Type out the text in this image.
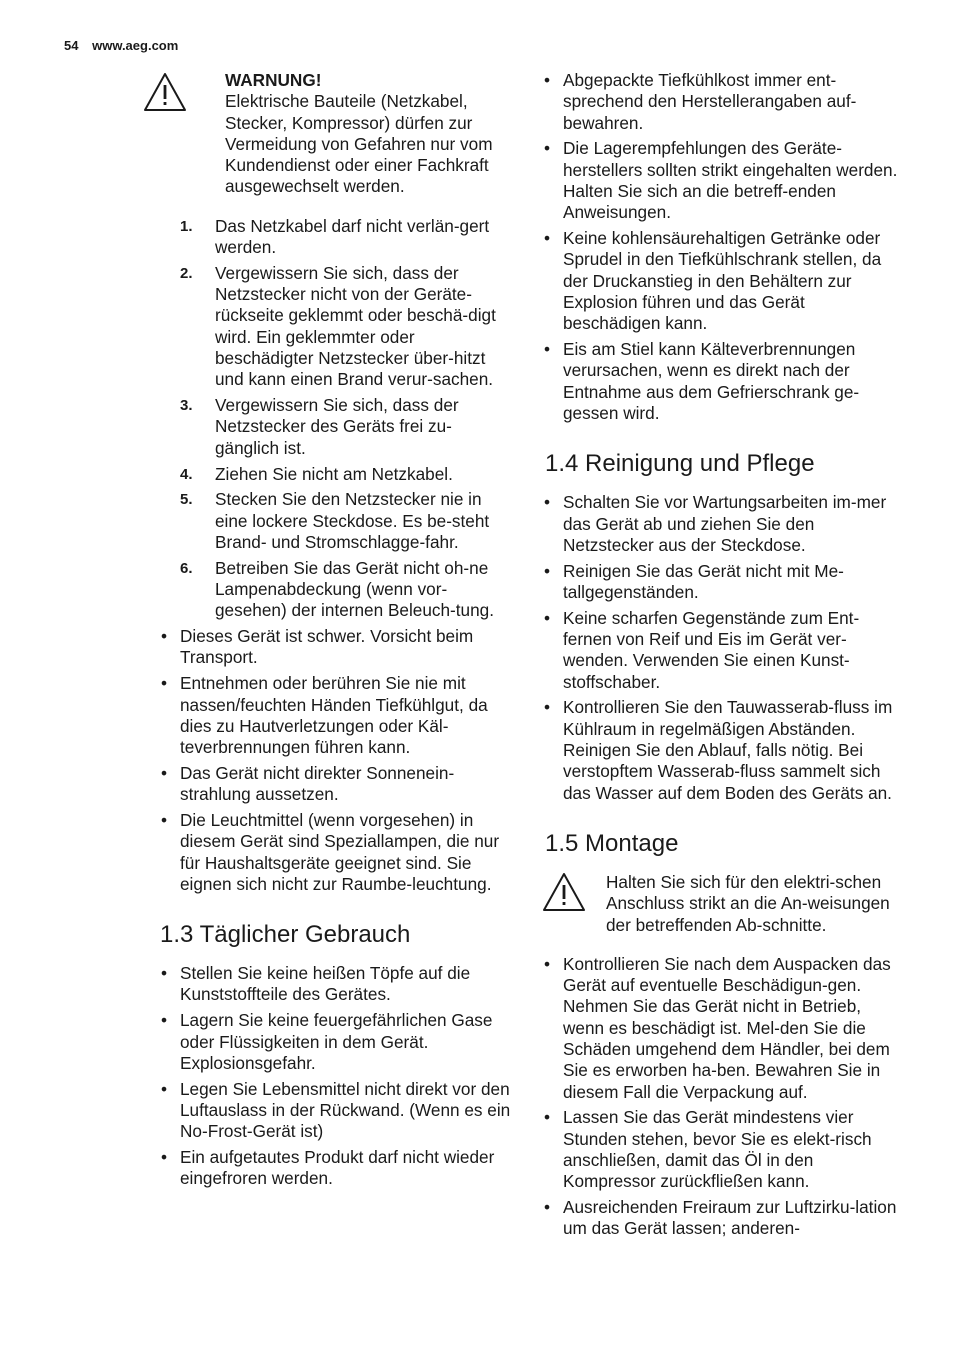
54 www.aeg.com
WARNUNG!
Elektrische Bauteile (Netzkabel, Stecker, Kompressor) dürfen zur Vermeidung von Gefahren nur vom Kundendienst oder einer Fachkraft ausgewechselt werden.
1. Das Netzkabel darf nicht verlän-gert werden.
2. Vergewissern Sie sich, dass der Netzstecker nicht von der Geräte-rückseite geklemmt oder beschä-digt wird. Ein geklemmter oder beschädigter Netzstecker über-hitzt und kann einen Brand verur-sachen.
3. Vergewissern Sie sich, dass der Netzstecker des Geräts frei zu-gänglich ist.
4. Ziehen Sie nicht am Netzkabel.
5. Stecken Sie den Netzstecker nie in eine lockere Steckdose. Es be-steht Brand- und Stromschlagge-fahr.
6. Betreiben Sie das Gerät nicht oh-ne Lampenabdeckung (wenn vor-gesehen) der internen Beleuch-tung.
• Dieses Gerät ist schwer. Vorsicht beim Transport.
• Entnehmen oder berühren Sie nie mit nassen/feuchten Händen Tiefkühlgut, da dies zu Hautverletzungen oder Käl-teverbrennungen führen kann.
• Das Gerät nicht direkter Sonnenein-strahlung aussetzen.
• Die Leuchtmittel (wenn vorgesehen) in diesem Gerät sind Speziallampen, die nur für Haushaltsgeräte geeignet sind. Sie eignen sich nicht zur Raumbe-leuchtung.
1.3 Täglicher Gebrauch
• Stellen Sie keine heißen Töpfe auf die Kunststoffteile des Gerätes.
• Lagern Sie keine feuergefährlichen Gase oder Flüssigkeiten in dem Gerät. Explosionsgefahr.
• Legen Sie Lebensmittel nicht direkt vor den Luftauslass in der Rückwand. (Wenn es ein No-Frost-Gerät ist)
• Ein aufgetautes Produkt darf nicht wieder eingefroren werden.
• Abgepackte Tiefkühlkost immer ent-sprechend den Herstellerangaben auf-bewahren.
• Die Lagerempfehlungen des Geräte-herstellers sollten strikt eingehalten werden. Halten Sie sich an die betreff-enden Anweisungen.
• Keine kohlensäurehaltigen Getränke oder Sprudel in den Tiefkühlschrank stellen, da der Druckanstieg in den Behältern zur Explosion führen und das Gerät beschädigen kann.
• Eis am Stiel kann Kälteverbrennungen verursachen, wenn es direkt nach der Entnahme aus dem Gefrierschrank ge-gessen wird.
1.4 Reinigung und Pflege
• Schalten Sie vor Wartungsarbeiten im-mer das Gerät ab und ziehen Sie den Netzstecker aus der Steckdose.
• Reinigen Sie das Gerät nicht mit Me-tallgegenständen.
• Keine scharfen Gegenstände zum Ent-fernen von Reif und Eis im Gerät ver-wenden. Verwenden Sie einen Kunst-stoffschaber.
• Kontrollieren Sie den Tauwasserab-fluss im Kühlraum in regelmäßigen Abständen. Reinigen Sie den Ablauf, falls nötig. Bei verstopftem Wasserab-fluss sammelt sich das Wasser auf dem Boden des Geräts an.
1.5 Montage
Halten Sie sich für den elektri-schen Anschluss strikt an die An-weisungen der betreffenden Ab-schnitte.
• Kontrollieren Sie nach dem Auspacken das Gerät auf eventuelle Beschädigun-gen. Nehmen Sie das Gerät nicht in Betrieb, wenn es beschädigt ist. Mel-den Sie die Schäden umgehend dem Händler, bei dem Sie es erworben ha-ben. Bewahren Sie in diesem Fall die Verpackung auf.
• Lassen Sie das Gerät mindestens vier Stunden stehen, bevor Sie es elekt-risch anschließen, damit das Öl in den Kompressor zurückfließen kann.
• Ausreichenden Freiraum zur Luftzirku-lation um das Gerät lassen; anderen-
